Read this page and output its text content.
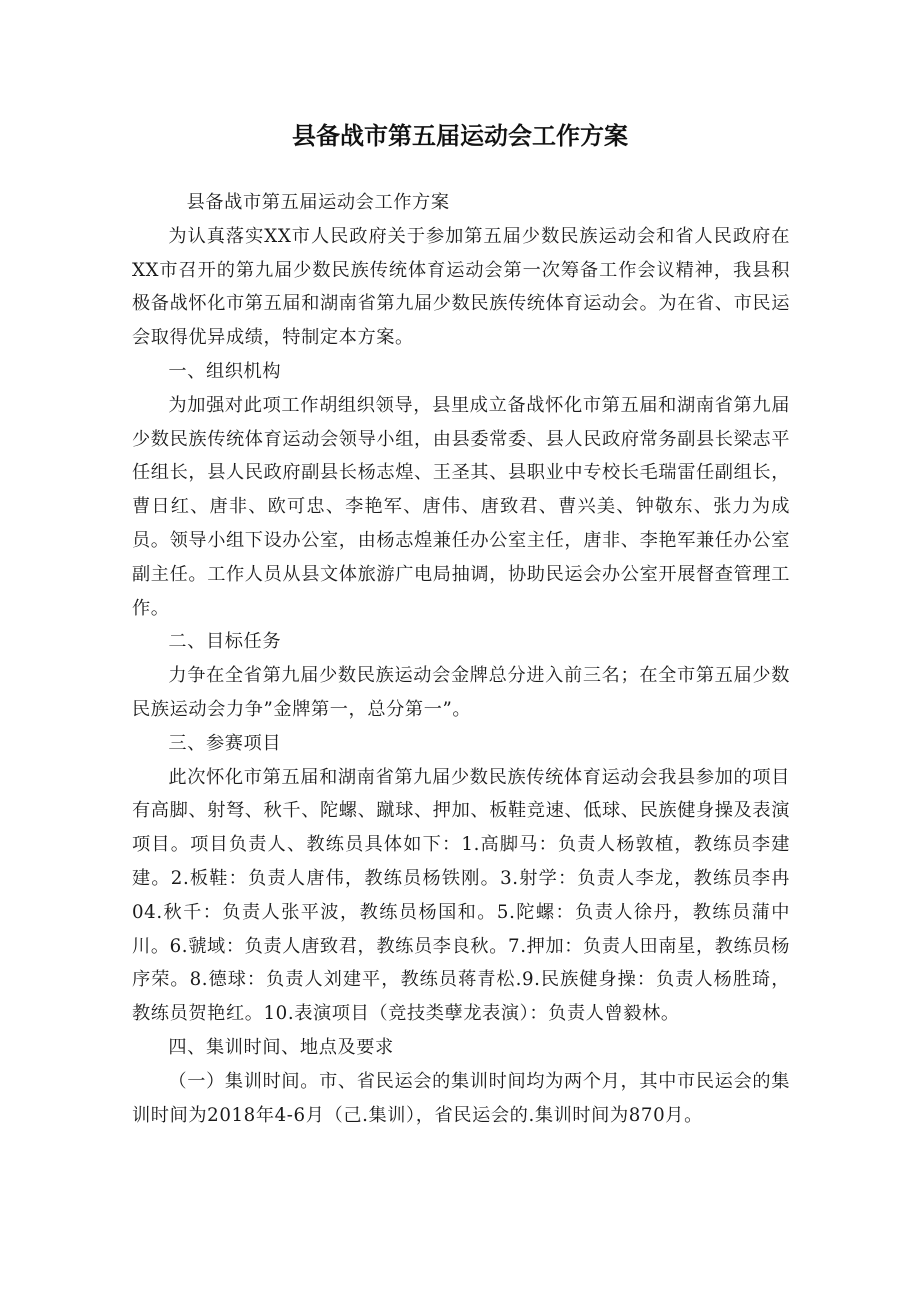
县备战市第五届运动会工作方案

县备战市第五届运动会工作方案

为认真落实XX市人民政府关于参加第五届少数民族运动会和省人民政府在XX市召开的第九届少数民族传统体育运动会第一次筹备工作会议精神，我县积极备战怀化市第五届和湖南省第九届少数民族传统体育运动会。为在省、市民运会取得优异成绩，特制定本方案。

一、组织机构

为加强对此项工作胡组织领导，县里成立备战怀化市第五届和湖南省第九届少数民族传统体育运动会领导小组，由县委常委、县人民政府常务副县长梁志平任组长，县人民政府副县长杨志煌、王圣其、县职业中专校长毛瑞雷任副组长，曹日红、唐非、欧可忠、李艳军、唐伟、唐致君、曹兴美、钟敬东、张力为成员。领导小组下设办公室，由杨志煌兼任办公室主任，唐非、李艳军兼任办公室副主任。工作人员从县文体旅游广电局抽调，协助民运会办公室开展督查管理工作。

二、目标任务

力争在全省第九届少数民族运动会金牌总分进入前三名；在全市第五届少数民族运动会力争”金牌第一，总分第一”。

三、参赛项目

此次怀化市第五届和湖南省第九届少数民族传统体育运动会我县参加的项目有高脚、射弩、秋千、陀螺、蹴球、押加、板鞋竞速、低球、民族健身操及表演项目。项目负责人、教练员具体如下：1.高脚马：负责人杨敦植，教练员李建建。2.板鞋：负责人唐伟，教练员杨铁刚。3.射学：负责人李龙，教练员李冉04.秋千：负责人张平波，教练员杨国和。5.陀螺：负责人徐丹，教练员蒲中川。6.虢域：负责人唐致君，教练员李良秋。7.押加：负责人田南星，教练员杨序荣。8.德球：负责人刘建平，教练员蒋青松.9.民族健身操：负责人杨胜琦，教练员贺艳红。10.表演项目（竞技类孽龙表演）：负责人曾毅林。

四、集训时间、地点及要求

（一）集训时间。市、省民运会的集训时间均为两个月，其中市民运会的集训时间为2018年4-6月（己.集训），省民运会的.集训时间为870月。
